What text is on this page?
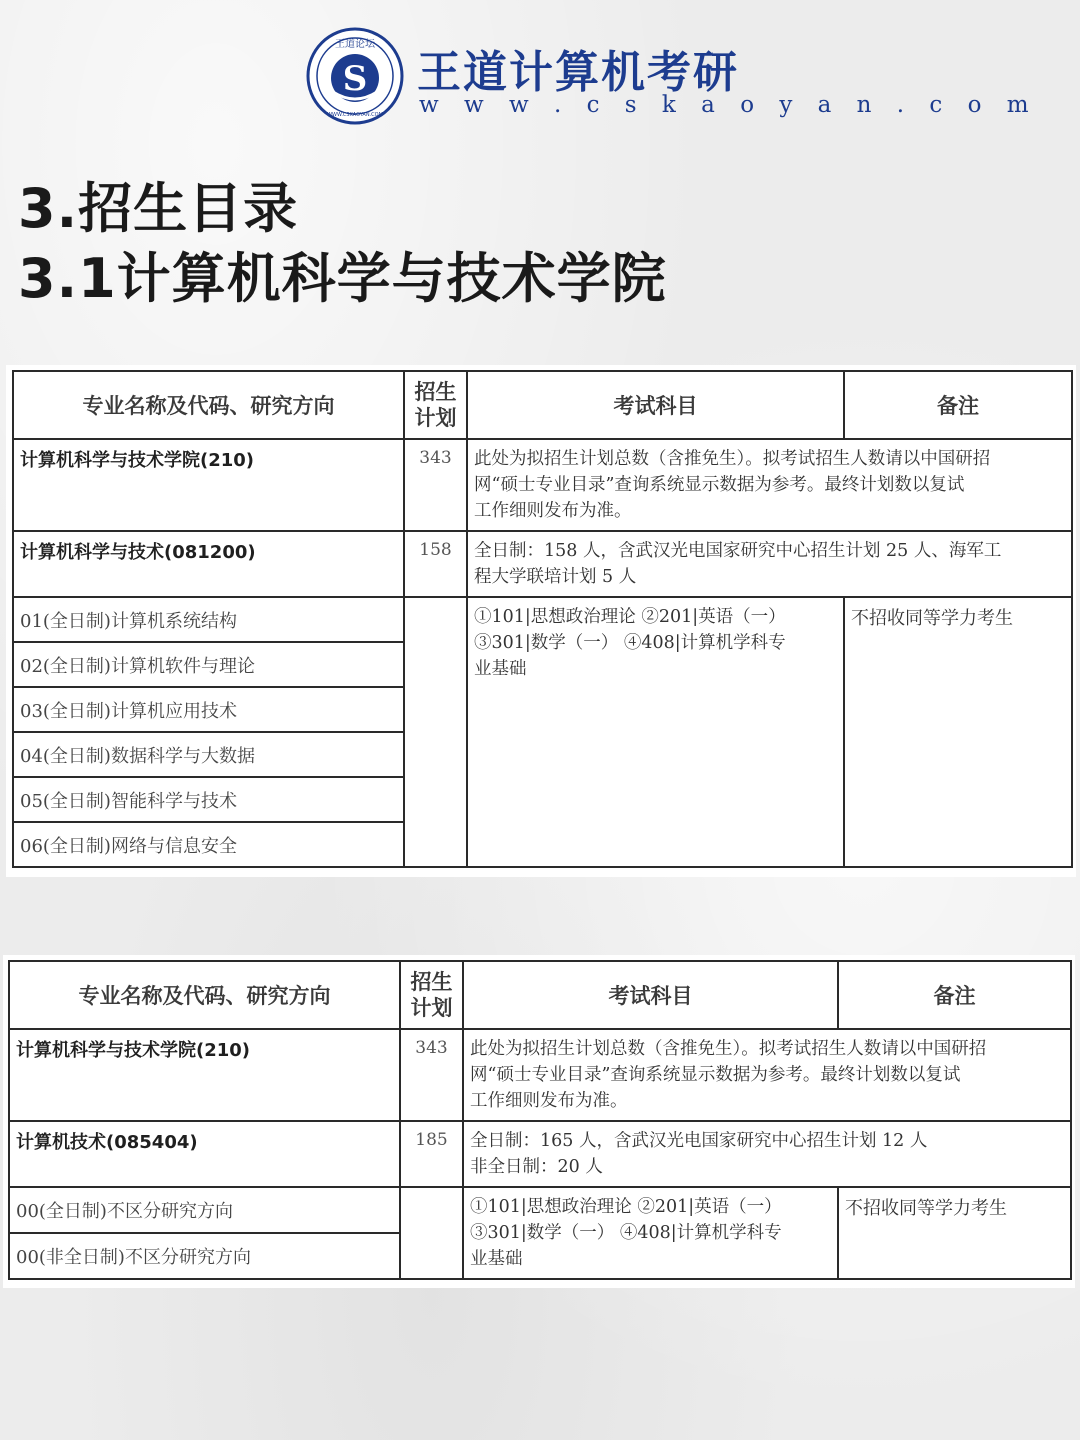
S
王道论坛
WWW.CSKAOYAN.COM
王道计算机考研
w w w . c s k a o y a n . c o m
3.招生目录
3.1计算机科学与技术学院
专业名称及代码、研究方向	招生
计划	考试科目	备注
计算机科学与技术学院(210)	343	此处为拟招生计划总数（含推免生）。拟考试招生人数请以中国研招
网“硕士专业目录”查询系统显示数据为参考。最终计划数以复试
工作细则发布为准。	

计算机科学与技术(081200)	158	全日制：158 人，含武汉光电国家研究中心招生计划 25 人、海军工
程大学联培计划 5 人	

01(全日制)计算机系统结构		①101|思想政治理论 ②201|英语（一）
③301|数学（一） ④408|计算机学科专
业基础	不招收同等学力考生
02(全日制)计算机软件与理论			
03(全日制)计算机应用技术			
04(全日制)数据科学与大数据			
05(全日制)智能科学与技术			
06(全日制)网络与信息安全			
专业名称及代码、研究方向	招生
计划	考试科目	备注
计算机科学与技术学院(210)	343	此处为拟招生计划总数（含推免生）。拟考试招生人数请以中国研招
网“硕士专业目录”查询系统显示数据为参考。最终计划数以复试
工作细则发布为准。	

计算机技术(085404)	185	全日制：165 人，含武汉光电国家研究中心招生计划 12 人
非全日制：20 人	

00(全日制)不区分研究方向		①101|思想政治理论 ②201|英语（一）
③301|数学（一） ④408|计算机学科专
业基础	不招收同等学力考生
00(非全日制)不区分研究方向			
